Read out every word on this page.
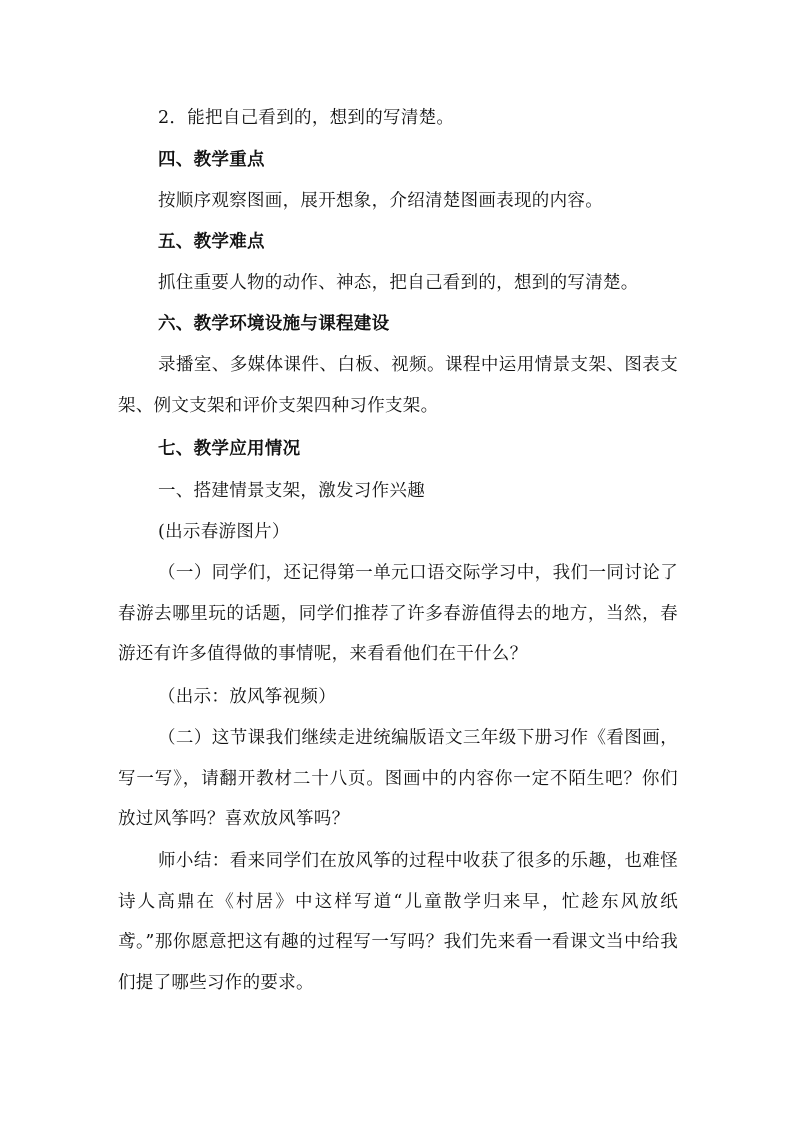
2．能把自己看到的，想到的写清楚。
四、教学重点
按顺序观察图画，展开想象，介绍清楚图画表现的内容。
五、教学难点
抓住重要人物的动作、神态，把自己看到的，想到的写清楚。
六、教学环境设施与课程建设
录播室、多媒体课件、白板、视频。课程中运用情景支架、图表支架、例文支架和评价支架四种习作支架。
七、教学应用情况
一、搭建情景支架，激发习作兴趣
(出示春游图片）
（一）同学们，还记得第一单元口语交际学习中，我们一同讨论了春游去哪里玩的话题，同学们推荐了许多春游值得去的地方，当然，春游还有许多值得做的事情呢，来看看他们在干什么？
（出示：放风筝视频）
（二）这节课我们继续走进统编版语文三年级下册习作《看图画，写一写》，请翻开教材二十八页。图画中的内容你一定不陌生吧？你们放过风筝吗？喜欢放风筝吗？
师小结：看来同学们在放风筝的过程中收获了很多的乐趣，也难怪诗人高鼎在《村居》中这样写道“儿童散学归来早，忙趁东风放纸鸢。”那你愿意把这有趣的过程写一写吗？我们先来看一看课文当中给我们提了哪些习作的要求。
